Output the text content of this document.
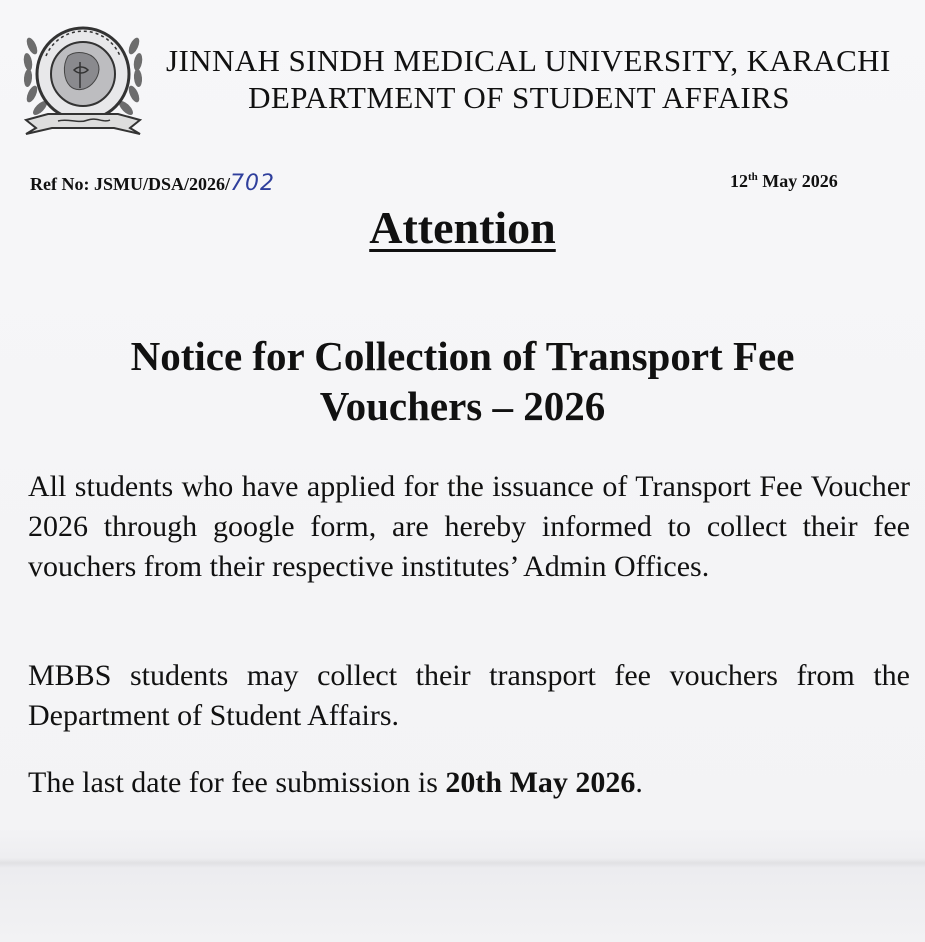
JINNAH SINDH MEDICAL UNIVERSITY, KARACHI
DEPARTMENT OF STUDENT AFFAIRS
Ref No: JSMU/DSA/2026/702	12th May 2026
Attention
Notice for Collection of Transport Fee Vouchers – 2026
All students who have applied for the issuance of Transport Fee Voucher 2026 through google form, are hereby informed to collect their fee vouchers from their respective institutes’ Admin Offices.
MBBS students may collect their transport fee vouchers from the Department of Student Affairs.
The last date for fee submission is 20th May 2026.
